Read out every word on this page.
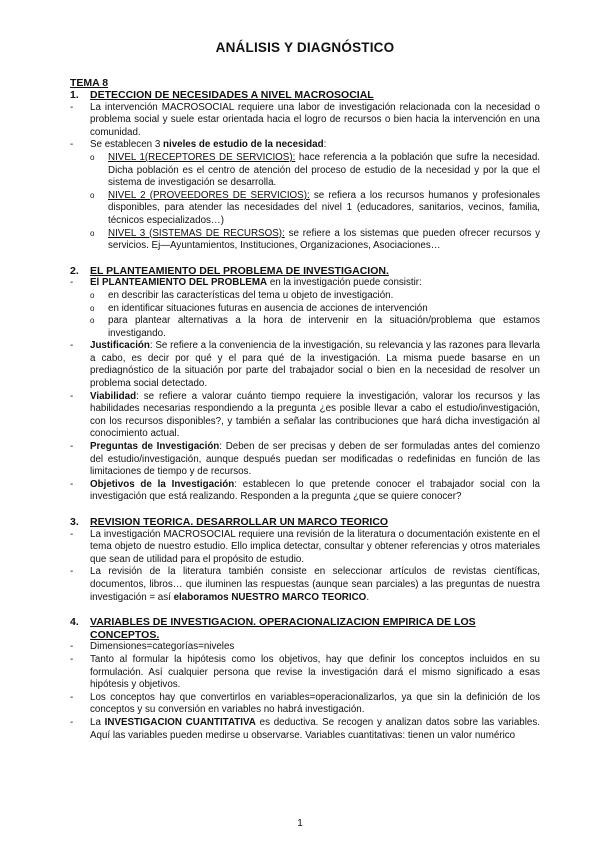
ANÁLISIS Y DIAGNÓSTICO
TEMA 8
1.	DETECCION DE NECESIDADES A NIVEL MACROSOCIAL
-	La intervención MACROSOCIAL requiere una labor de investigación relacionada con la necesidad o problema social y suele estar orientada hacia el logro de recursos o bien hacia la intervención en una comunidad.
-	Se establecen 3 niveles de estudio de la necesidad:
o	NIVEL 1(RECEPTORES DE SERVICIOS): hace referencia a la población que sufre la necesidad. Dicha población es el centro de atención del proceso de estudio de la necesidad y por la que el sistema de investigación se desarrolla.
o	NIVEL 2 (PROVEEDORES DE SERVICIOS): se refiera a los recursos humanos y profesionales disponibles, para atender las necesidades del nivel 1 (educadores, sanitarios, vecinos, familia, técnicos especializados…)
o	NIVEL 3 (SISTEMAS DE RECURSOS): se refiere a los sistemas que pueden ofrecer recursos y servicios. Ej—Ayuntamientos, Instituciones, Organizaciones, Asociaciones…
2.	EL PLANTEAMIENTO DEL PROBLEMA DE INVESTIGACION.
-	El PLANTEAMIENTO DEL PROBLEMA en la investigación puede consistir:
o	en describir las características del tema u objeto de investigación.
o	en identificar situaciones futuras en ausencia de acciones de intervención
o	para plantear alternativas a la hora de intervenir en la situación/problema que estamos investigando.
-	Justificación: Se refiere a la conveniencia de la investigación, su relevancia y las razones para llevarla a cabo, es decir por qué y el para qué de la investigación. La misma puede basarse en un prediagnóstico de la situación por parte del trabajador social o bien en la necesidad de resolver un problema social detectado.
-	Viabilidad: se refiere a valorar cuánto tiempo requiere la investigación, valorar los recursos y las habilidades necesarias respondiendo a la pregunta ¿es posible llevar a cabo el estudio/investigación, con los recursos disponibles?, y también a señalar las contribuciones que hará dicha investigación al conocimiento actual.
-	Preguntas de Investigación: Deben de ser precisas y deben de ser formuladas antes del comienzo del estudio/investigación, aunque después puedan ser modificadas o redefinidas en función de las limitaciones de tiempo y de recursos.
-	Objetivos de la Investigación: establecen lo que pretende conocer el trabajador social con la investigación que está realizando. Responden a la pregunta ¿que se quiere conocer?
3.	REVISION TEORICA. DESARROLLAR UN MARCO TEORICO
-	La investigación MACROSOCIAL requiere una revisión de la literatura o documentación existente en el tema objeto de nuestro estudio. Ello implica detectar, consultar y obtener referencias y otros materiales que sean de utilidad para el propósito de estudio.
-	La revisión de la literatura también consiste en seleccionar artículos de revistas científicas, documentos, libros… que iluminen las respuestas (aunque sean parciales) a las preguntas de nuestra investigación = así elaboramos NUESTRO MARCO TEORICO.
4.	VARIABLES DE INVESTIGACION. OPERACIONALIZACION EMPIRICA DE LOS CONCEPTOS.
-	Dimensiones=categorías=niveles
-	Tanto al formular la hipótesis como los objetivos, hay que definir los conceptos incluidos en su formulación. Así cualquier persona que revise la investigación dará el mismo significado a esas hipótesis y objetivos.
-	Los conceptos hay que convertirlos en variables=operacionalizarlos, ya que sin la definición de los conceptos y su conversión en variables no habrá investigación.
-	La INVESTIGACION CUANTITATIVA es deductiva. Se recogen y analizan datos sobre las variables. Aquí las variables pueden medirse u observarse. Variables cuantitativas: tienen un valor numérico
1
